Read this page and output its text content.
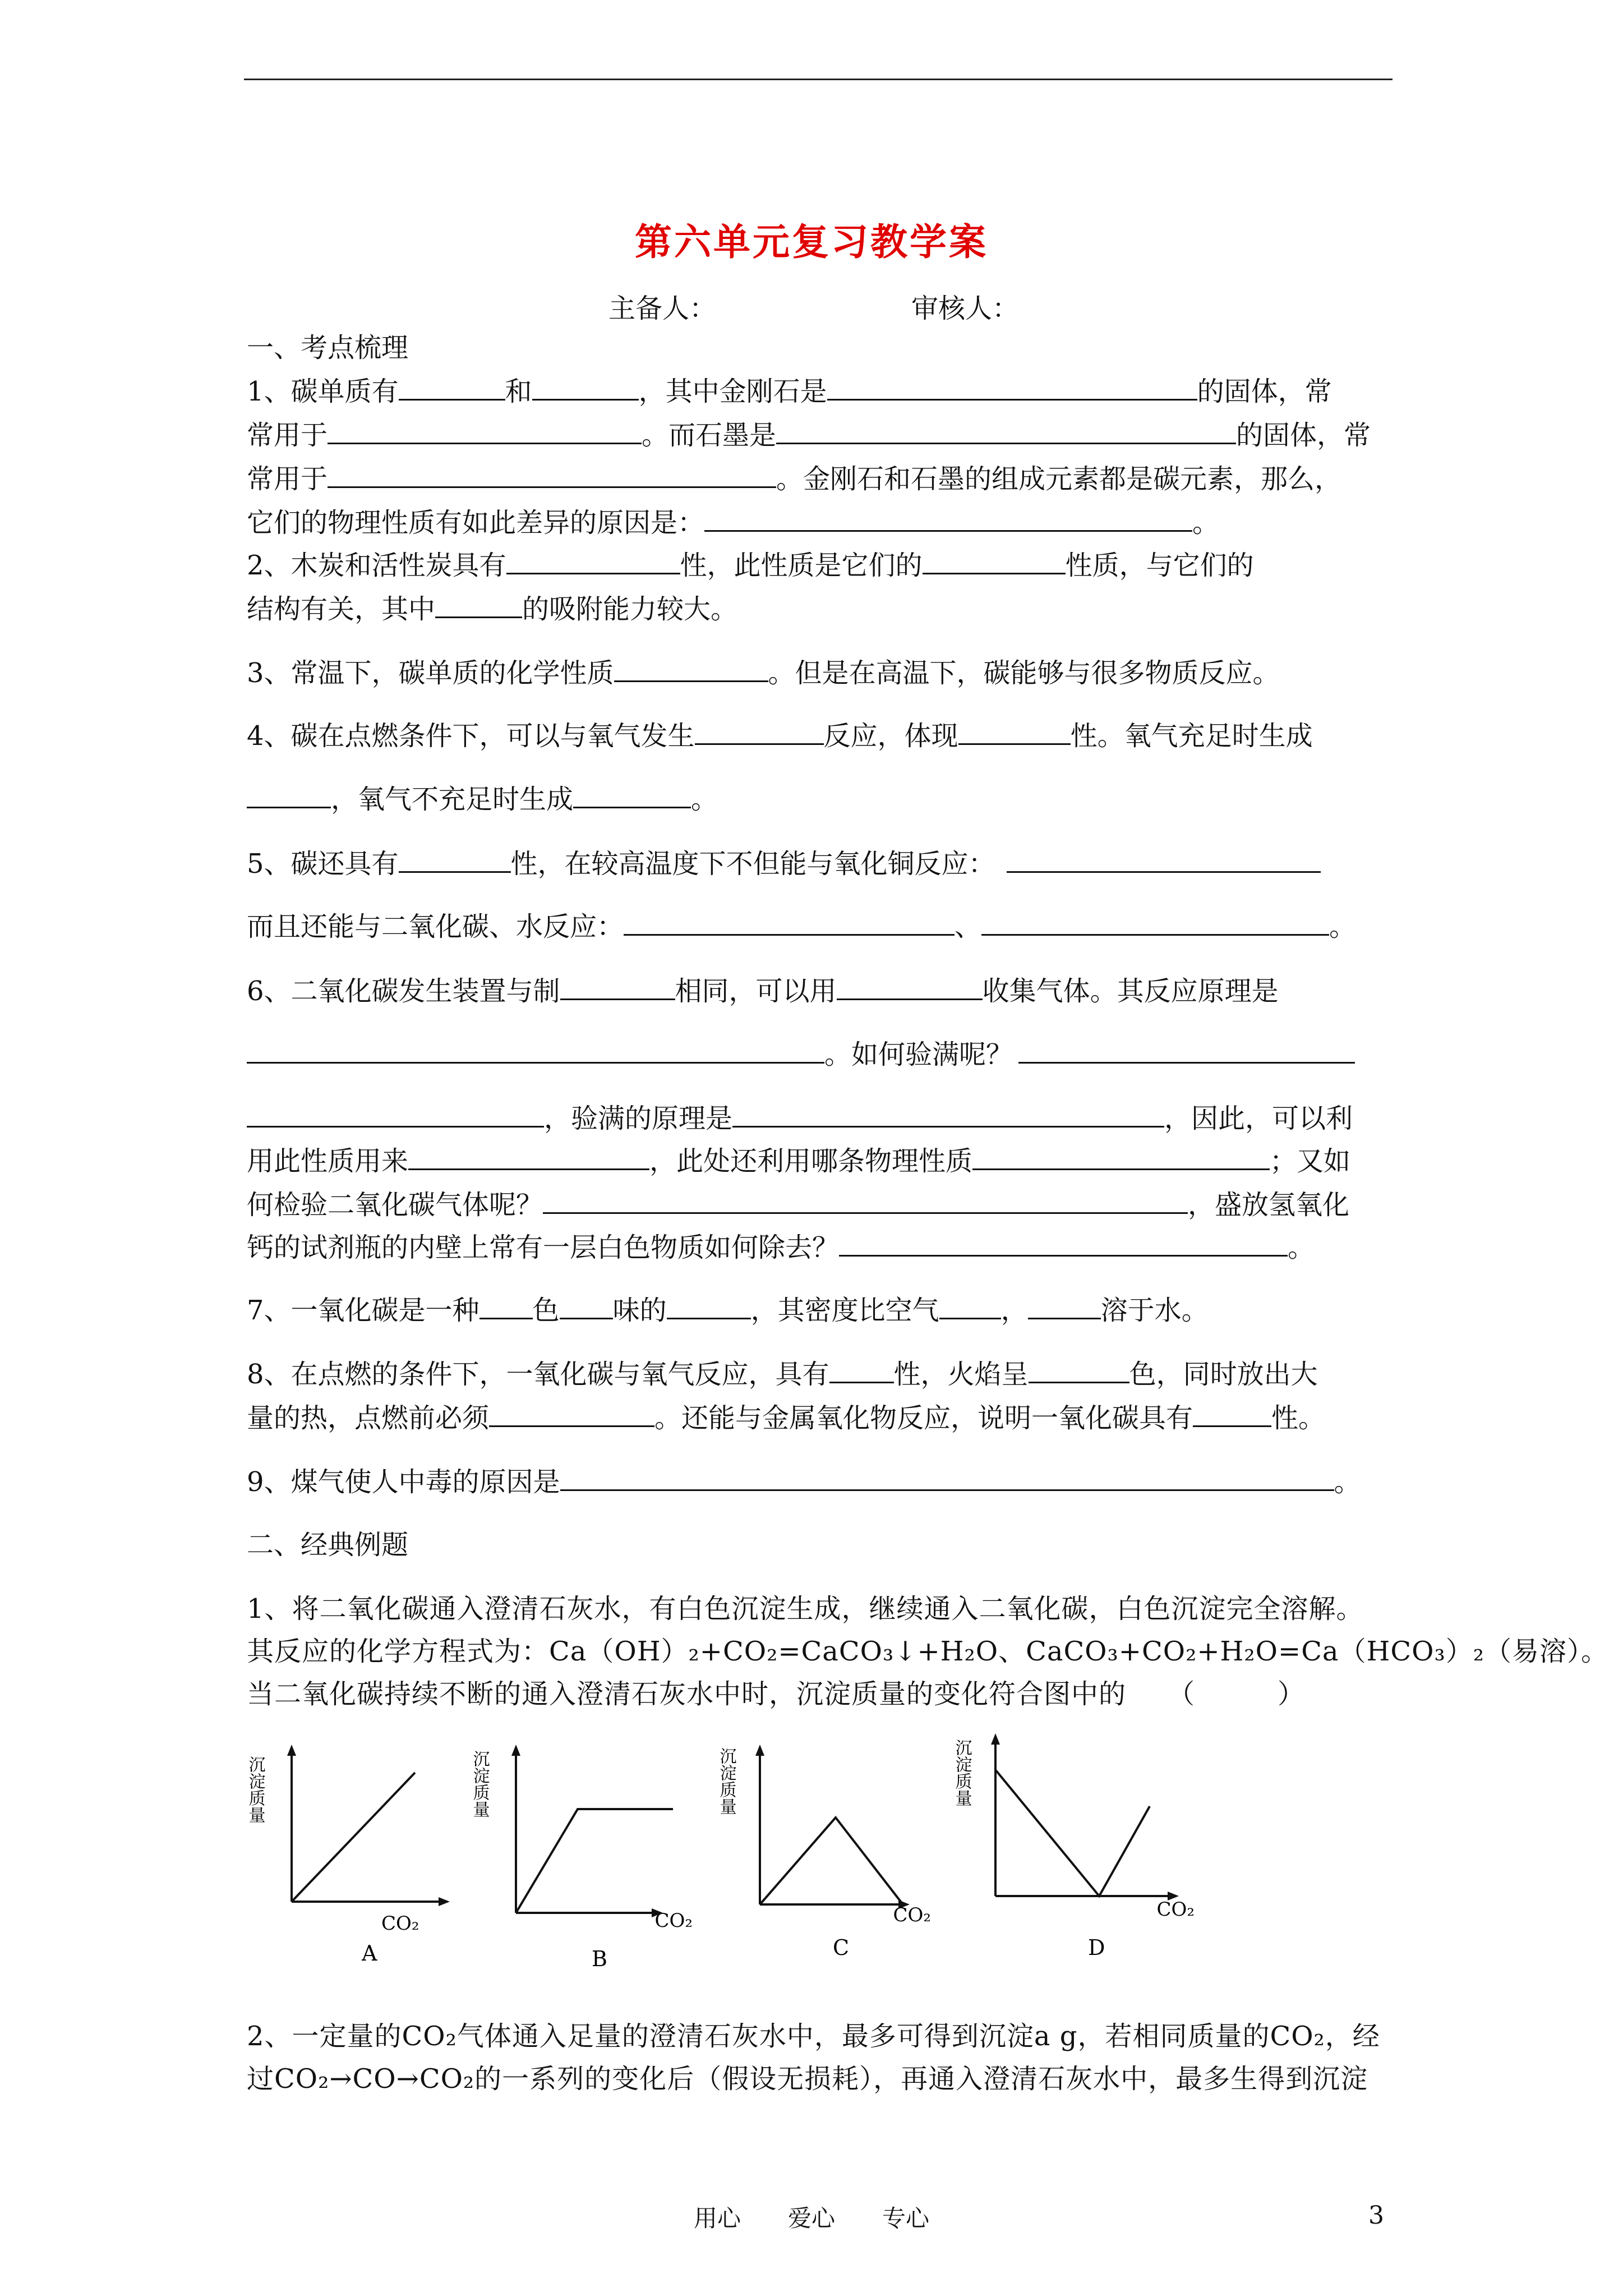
第六单元复习教学案
主备人：	审核人：
一、考点梳理
1、碳单质有	和	，其中金刚石是	的固体，常
常用于	。而石墨是	的固体，常
常用于	。金刚石和石墨的组成元素都是碳元素，那么，
它们的物理性质有如此差异的原因是：	。
2、木炭和活性炭具有	性，此性质是它们的	性质，与它们的
结构有关，其中	的吸附能力较大。
3、常温下，碳单质的化学性质	。但是在高温下，碳能够与很多物质反应。
4、碳在点燃条件下，可以与氧气发生	反应，体现	性。氧气充足时生成
，氧气不充足时生成	。
5、碳还具有	性，在较高温度下不但能与氧化铜反应：
而且还能与二氧化碳、水反应：	、	。
6、二氧化碳发生装置与制	相同，可以用	收集气体。其反应原理是
。如何验满呢？
，验满的原理是	，因此，可以利
用此性质用来	，此处还利用哪条物理性质	；又如
何检验二氧化碳气体呢？	，盛放氢氧化
钙的试剂瓶的内壁上常有一层白色物质如何除去？	。
7、一氧化碳是一种 色 味的	，其密度比空气 ，	溶于水。
8、在点燃的条件下，一氧化碳与氧气反应，具有 性，火焰呈	色，同时放出大
量的热，点燃前必须	。还能与金属氧化物反应，说明一氧化碳具有	性。
9、煤气使人中毒的原因是	。
二、经典例题
1、将二氧化碳通入澄清石灰水，有白色沉淀生成，继续通入二氧化碳，白色沉淀完全溶解。
其反应的化学方程式为：Ca（OH）₂+CO₂=CaCO₃↓+H₂O、CaCO₃+CO₂+H₂O=Ca（HCO₃）₂（易溶）。
当二氧化碳持续不断的通入澄清石灰水中时，沉淀质量的变化符合图中的　　（　　　）
沉淀质量
CO₂
A
沉淀质量
CO₂
B
沉淀质量
CO₂
C
沉淀质量
CO₂
D
2、一定量的CO₂气体通入足量的澄清石灰水中，最多可得到沉淀a g，若相同质量的CO₂，经
过CO₂→CO→CO₂的一系列的变化后（假设无损耗），再通入澄清石灰水中，最多生得到沉淀
用心　　爱心　　专心	3
